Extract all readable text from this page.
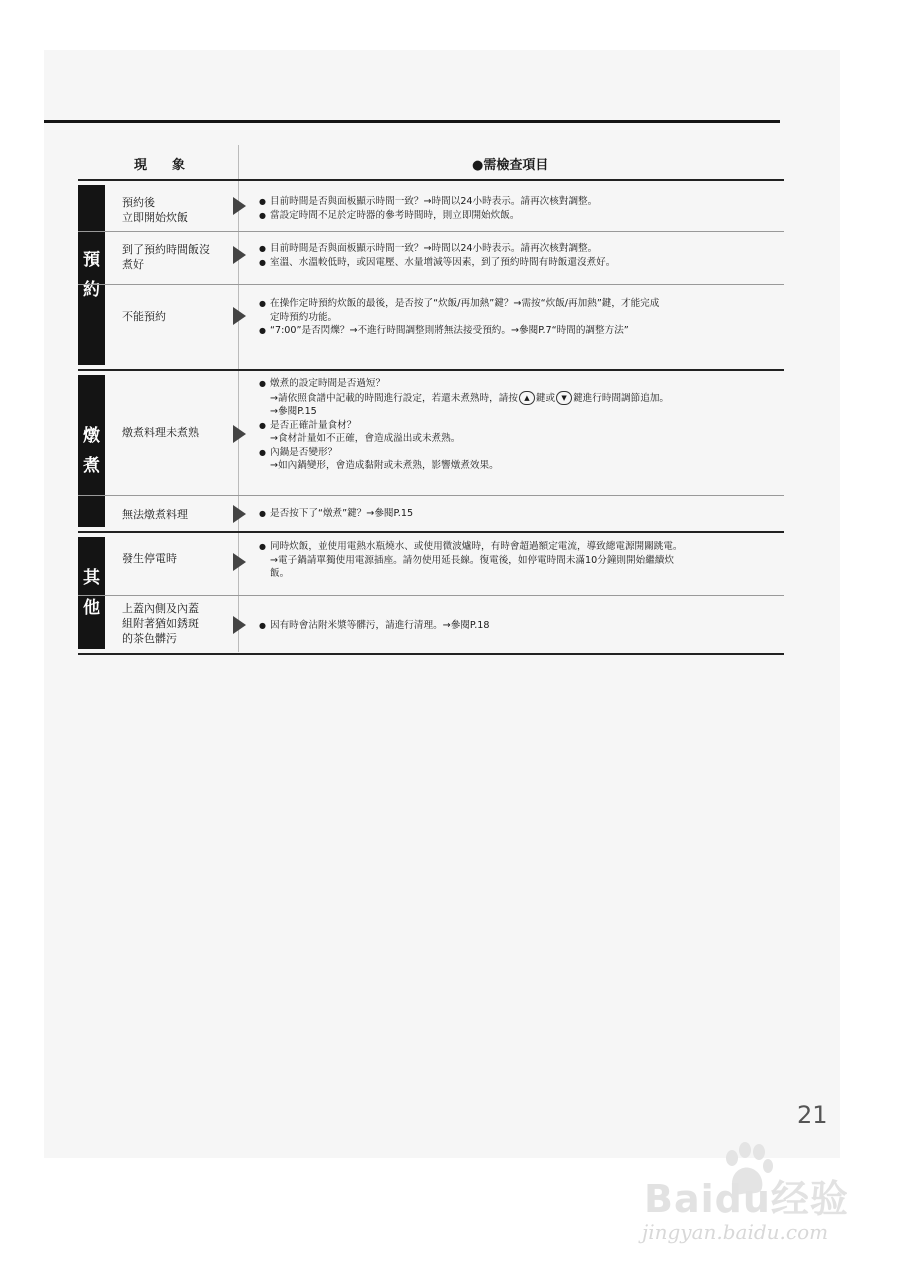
現　象	●需檢查項目
預
約
預約後
立即開始炊飯
● 目前時間是否與面板顯示時間一致？→時間以24小時表示。請再次核對調整。
● 當設定時間不足於定時器的參考時間時，則立即開始炊飯。
到了預約時間飯沒
煮好
● 目前時間是否與面板顯示時間一致？→時間以24小時表示。請再次核對調整。
● 室溫、水溫較低時，或因電壓、水量增減等因素，到了預約時間有時飯還沒煮好。
不能預約
● 在操作定時預約炊飯的最後，是否按了“炊飯/再加熱”鍵？→需按“炊飯/再加熱”鍵，才能完成
定時預約功能。
● “7:00”是否閃爍？→不進行時間調整則將無法接受預約。→參閱P.7“時間的調整方法”
燉
煮
燉煮料理未煮熟
● 燉煮的設定時間是否過短？
→請依照食譜中記載的時間進行設定，若還未煮熟時，請按 ▲ 鍵或 ▼ 鍵進行時間調節追加。
→參閱P.15
● 是否正確計量食材？
→食材計量如不正確，會造成溢出或未煮熟。
● 內鍋是否變形？
→如內鍋變形，會造成黏附或未煮熟，影響燉煮效果。
無法燉煮料理
●	是否按下了“燉煮”鍵？→參閱P.15
其
他
發生停電時
● 同時炊飯，並使用電熱水瓶燒水、或使用微波爐時，有時會超過額定電流，導致總電源開關跳電。
→電子鍋請單獨使用電源插座。請勿使用延長線。復電後，如停電時間未滿10分鐘則開始繼續炊
飯。
上蓋內側及內蓋
組附著猶如銹斑
的茶色髒污
● 因有時會沾附米漿等髒污，請進行清理。→參閱P.18
21
Baidu经验
jingyan.baidu.com
